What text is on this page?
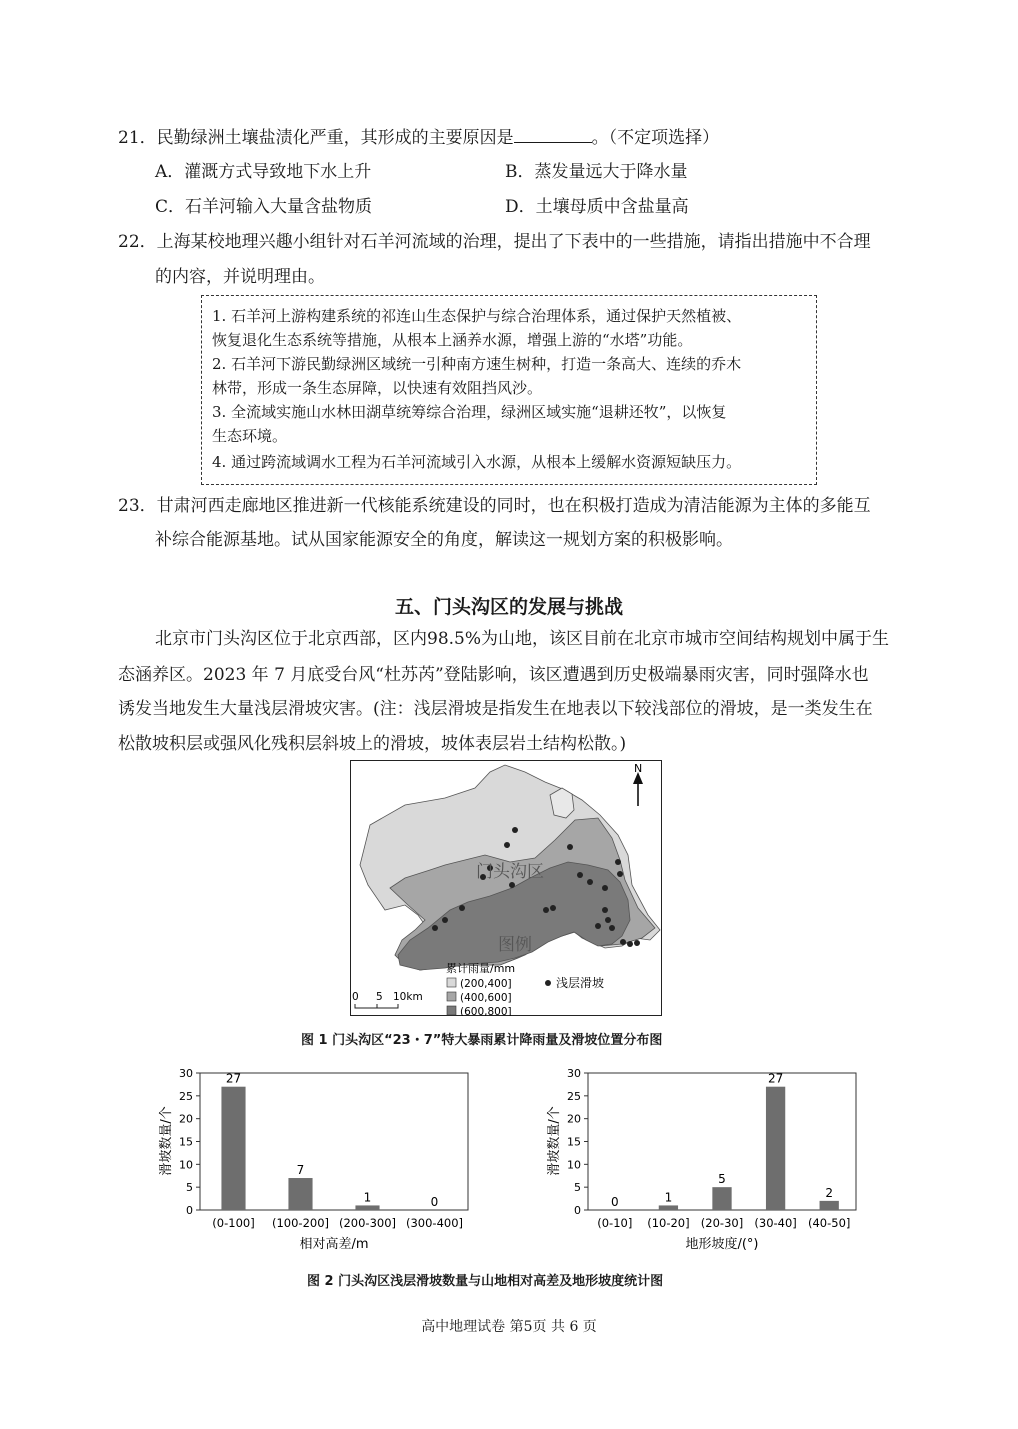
21．民勤绿洲土壤盐渍化严重，其形成的主要原因是	。（不定项选择）
A．灌溉方式导致地下水上升	B．蒸发量远大于降水量
C．石羊河输入大量含盐物质	D．土壤母质中含盐量高
22．上海某校地理兴趣小组针对石羊河流域的治理，提出了下表中的一些措施，请指出措施中不合理
的内容，并说明理由。
1. 石羊河上游构建系统的祁连山生态保护与综合治理体系，通过保护天然植被、
恢复退化生态系统等措施，从根本上涵养水源，增强上游的“水塔”功能。
2. 石羊河下游民勤绿洲区域统一引种南方速生树种，打造一条高大、连续的乔木
林带，形成一条生态屏障，以快速有效阻挡风沙。
3. 全流域实施山水林田湖草统筹综合治理，绿洲区域实施“退耕还牧”，以恢复
生态环境。
4. 通过跨流域调水工程为石羊河流域引入水源，从根本上缓解水资源短缺压力。
23．甘肃河西走廊地区推进新一代核能系统建设的同时，也在积极打造成为清洁能源为主体的多能互
补综合能源基地。试从国家能源安全的角度，解读这一规划方案的积极影响。
五、门头沟区的发展与挑战
北京市门头沟区位于北京西部，区内98.5%为山地，该区目前在北京市城市空间结构规划中属于生
态涵养区。2023 年 7 月底受台风“杜苏芮”登陆影响，该区遭遇到历史极端暴雨灾害，同时强降水也
诱发当地发生大量浅层滑坡灾害。(注：浅层滑坡是指发生在地表以下较浅部位的滑坡，是一类发生在
松散坡积层或强风化残积层斜坡上的滑坡，坡体表层岩土结构松散。)
N
门头沟区
图例
累计雨量/mm
(200,400]
(400,600]
(600,800]
浅层滑坡
0 5 10km
图 1 门头沟区“23・7”特大暴雨累计降雨量及滑坡位置分布图
0
5
10
15
20
25
30	27
(0-100]
7
(100-200]
1
(200-300]
0
(300-400]
滑坡数量/个
相对高差/m
0
5
10
15
20
25
30
0
(0-10]
1
(10-20]
5
(20-30]
27
(30-40]
2
(40-50]
滑坡数量/个
地形坡度/(°)
图 2 门头沟区浅层滑坡数量与山地相对高差及地形坡度统计图
高中地理试卷 第5页 共 6 页
